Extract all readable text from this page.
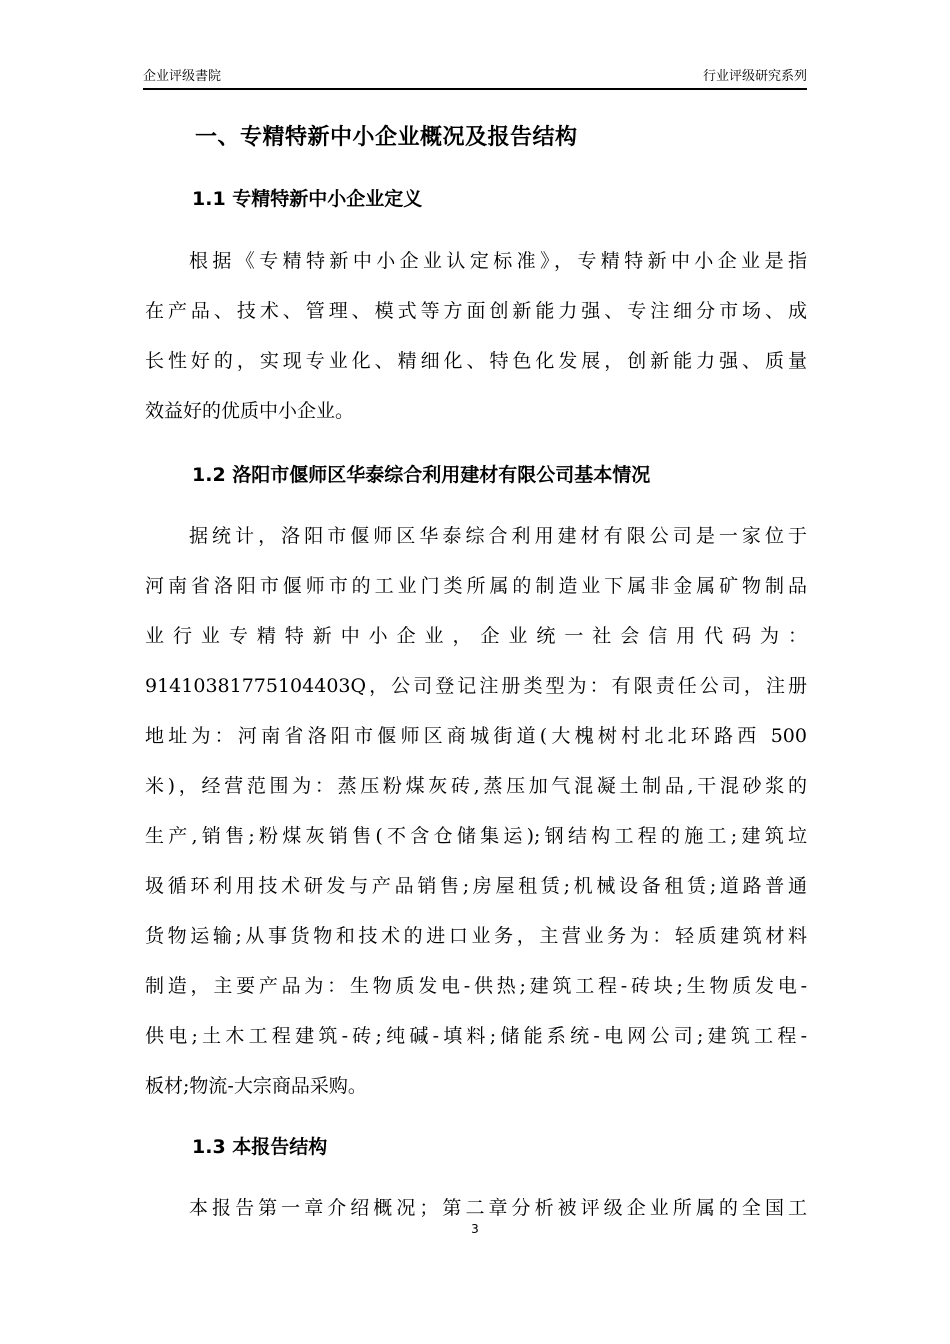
企业评级書院	行业评级研究系列
一、专精特新中小企业概况及报告结构
1.1 专精特新中小企业定义
根据《专精特新中小企业认定标准》，专精特新中小企业是指
在产品、技术、管理、模式等方面创新能力强、专注细分市场、成
长性好的，实现专业化、精细化、特色化发展，创新能力强、质量
效益好的优质中小企业。
1.2 洛阳市偃师区华泰综合利用建材有限公司基本情况
据统计，洛阳市偃师区华泰综合利用建材有限公司是一家位于
河南省洛阳市偃师市的工业门类所属的制造业下属非金属矿物制品
业行业专精特新中小企业，企业统一社会信用代码为：
91410381775104403Q，公司登记注册类型为：有限责任公司，注册
地址为：河南省洛阳市偃师区商城街道(大槐树村北北环路西 500
米)，经营范围为：蒸压粉煤灰砖,蒸压加气混凝土制品,干混砂浆的
生产,销售;粉煤灰销售(不含仓储集运);钢结构工程的施工;建筑垃
圾循环利用技术研发与产品销售;房屋租赁;机械设备租赁;道路普通
货物运输;从事货物和技术的进口业务，主营业务为：轻质建筑材料
制造，主要产品为：生物质发电-供热;建筑工程-砖块;生物质发电-
供电;土木工程建筑-砖;纯碱-填料;储能系统-电网公司;建筑工程-
板材;物流-大宗商品采购。
1.3 本报告结构
本报告第一章介绍概况；第二章分析被评级企业所属的全国工
3
